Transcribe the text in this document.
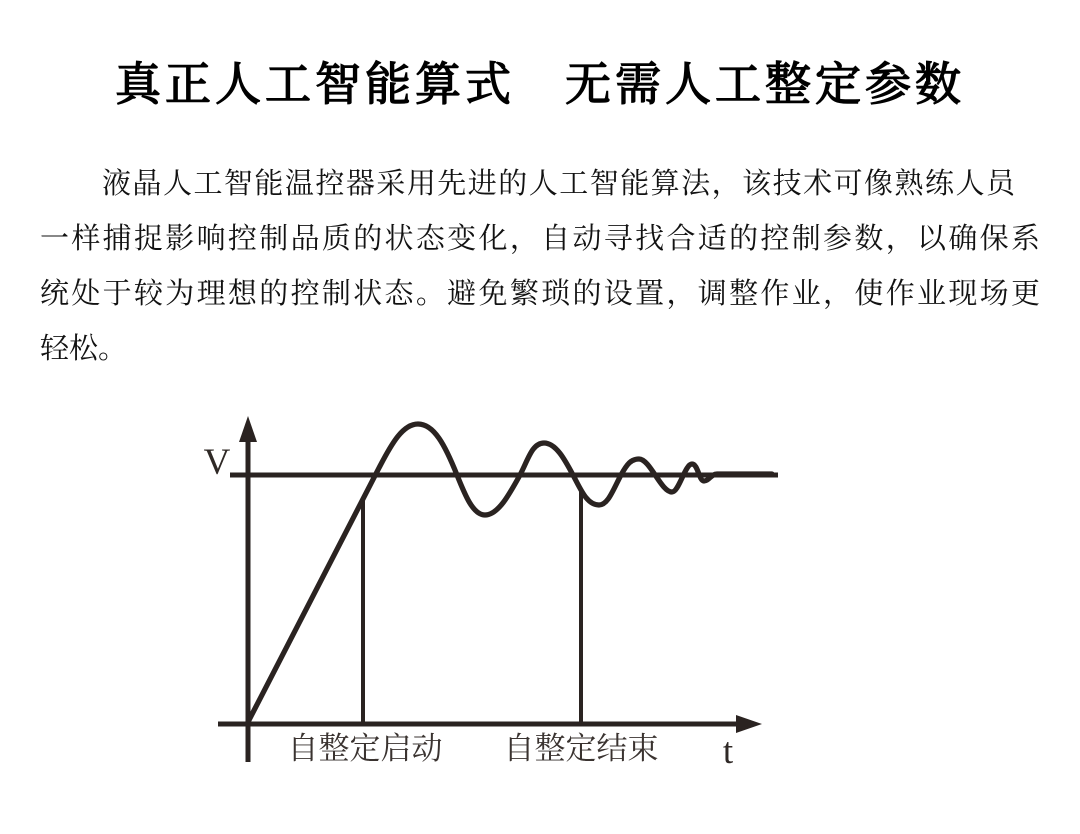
真正人工智能算式　无需人工整定参数
液晶人工智能温控器采用先进的人工智能算法，该技术可像熟练人员
一样捕捉影响控制品质的状态变化，自动寻找合适的控制参数，以确保系
统处于较为理想的控制状态。避免繁琐的设置，调整作业，使作业现场更
轻松。
V
t
自整定启动 自整定结束
